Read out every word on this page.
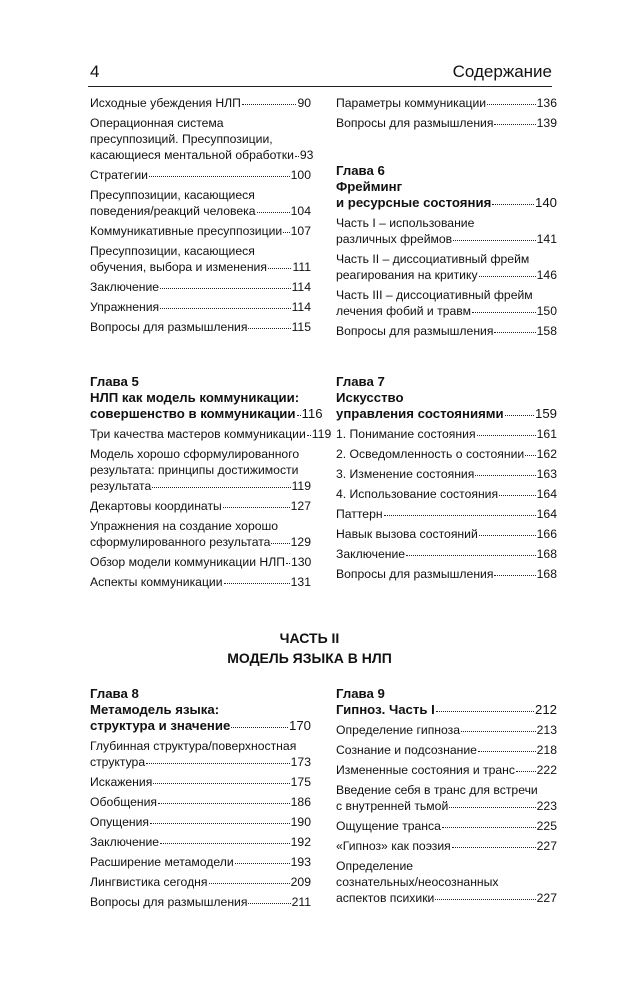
4	Содержание
Исходные убеждения НЛП	90
Операционная система
пресуппозиций. Пресуппозиции,
касающиеся ментальной обработки 93
Стратегии	100
Пресуппозиции, касающиеся
поведения/реакций человека	104
Коммуникативные пресуппозиции 107
Пресуппозиции, касающиеся
обучения, выбора и изменения 111
Заключение	114
Упражнения	114
Вопросы для размышления	115
Параметры коммуникации	136
Вопросы для размышления	139
Глава 6
Фрейминг
и ресурсные состояния	140
Часть I – использование
различных фреймов	141
Часть II – диссоциативный фрейм
реагирования на критику	146
Часть III – диссоциативный фрейм
лечения фобий и травм	150
Вопросы для размышления	158
Глава 5
НЛП как модель коммуникации:
совершенство в коммуникации 116
Три качества мастеров коммуникации 119
Модель хорошо сформулированного
результата: принципы достижимости
результата	119
Декартовы координаты	127
Упражнения на создание хорошо
сформулированного результата 129
Обзор модели коммуникации НЛП 130
Аспекты коммуникации	131
Глава 7
Искусство
управления состояниями 159
1. Понимание состояния	161
2. Осведомленность о состоянии 162
3. Изменение состояния	163
4. Использование состояния	164
Паттерн	164
Навык вызова состояний	166
Заключение	168
Вопросы для размышления	168
ЧАСТЬ II
МОДЕЛЬ ЯЗЫКА В НЛП
Глава 8
Метамодель языка:
структура и значение	170
Глубинная структура/поверхностная
структура	173
Искажения	175
Обобщения	186
Опущения	190
Заключение	192
Расширение метамодели	193
Лингвистика сегодня	209
Вопросы для размышления	211
Глава 9
Гипноз. Часть I	212
Определение гипноза	213
Сознание и подсознание	218
Измененные состояния и транс 222
Введение себя в транс для встречи
с внутренней тьмой	223
Ощущение транса	225
«Гипноз» как поэзия	227
Определение
сознательных/неосознанных
аспектов психики	227
